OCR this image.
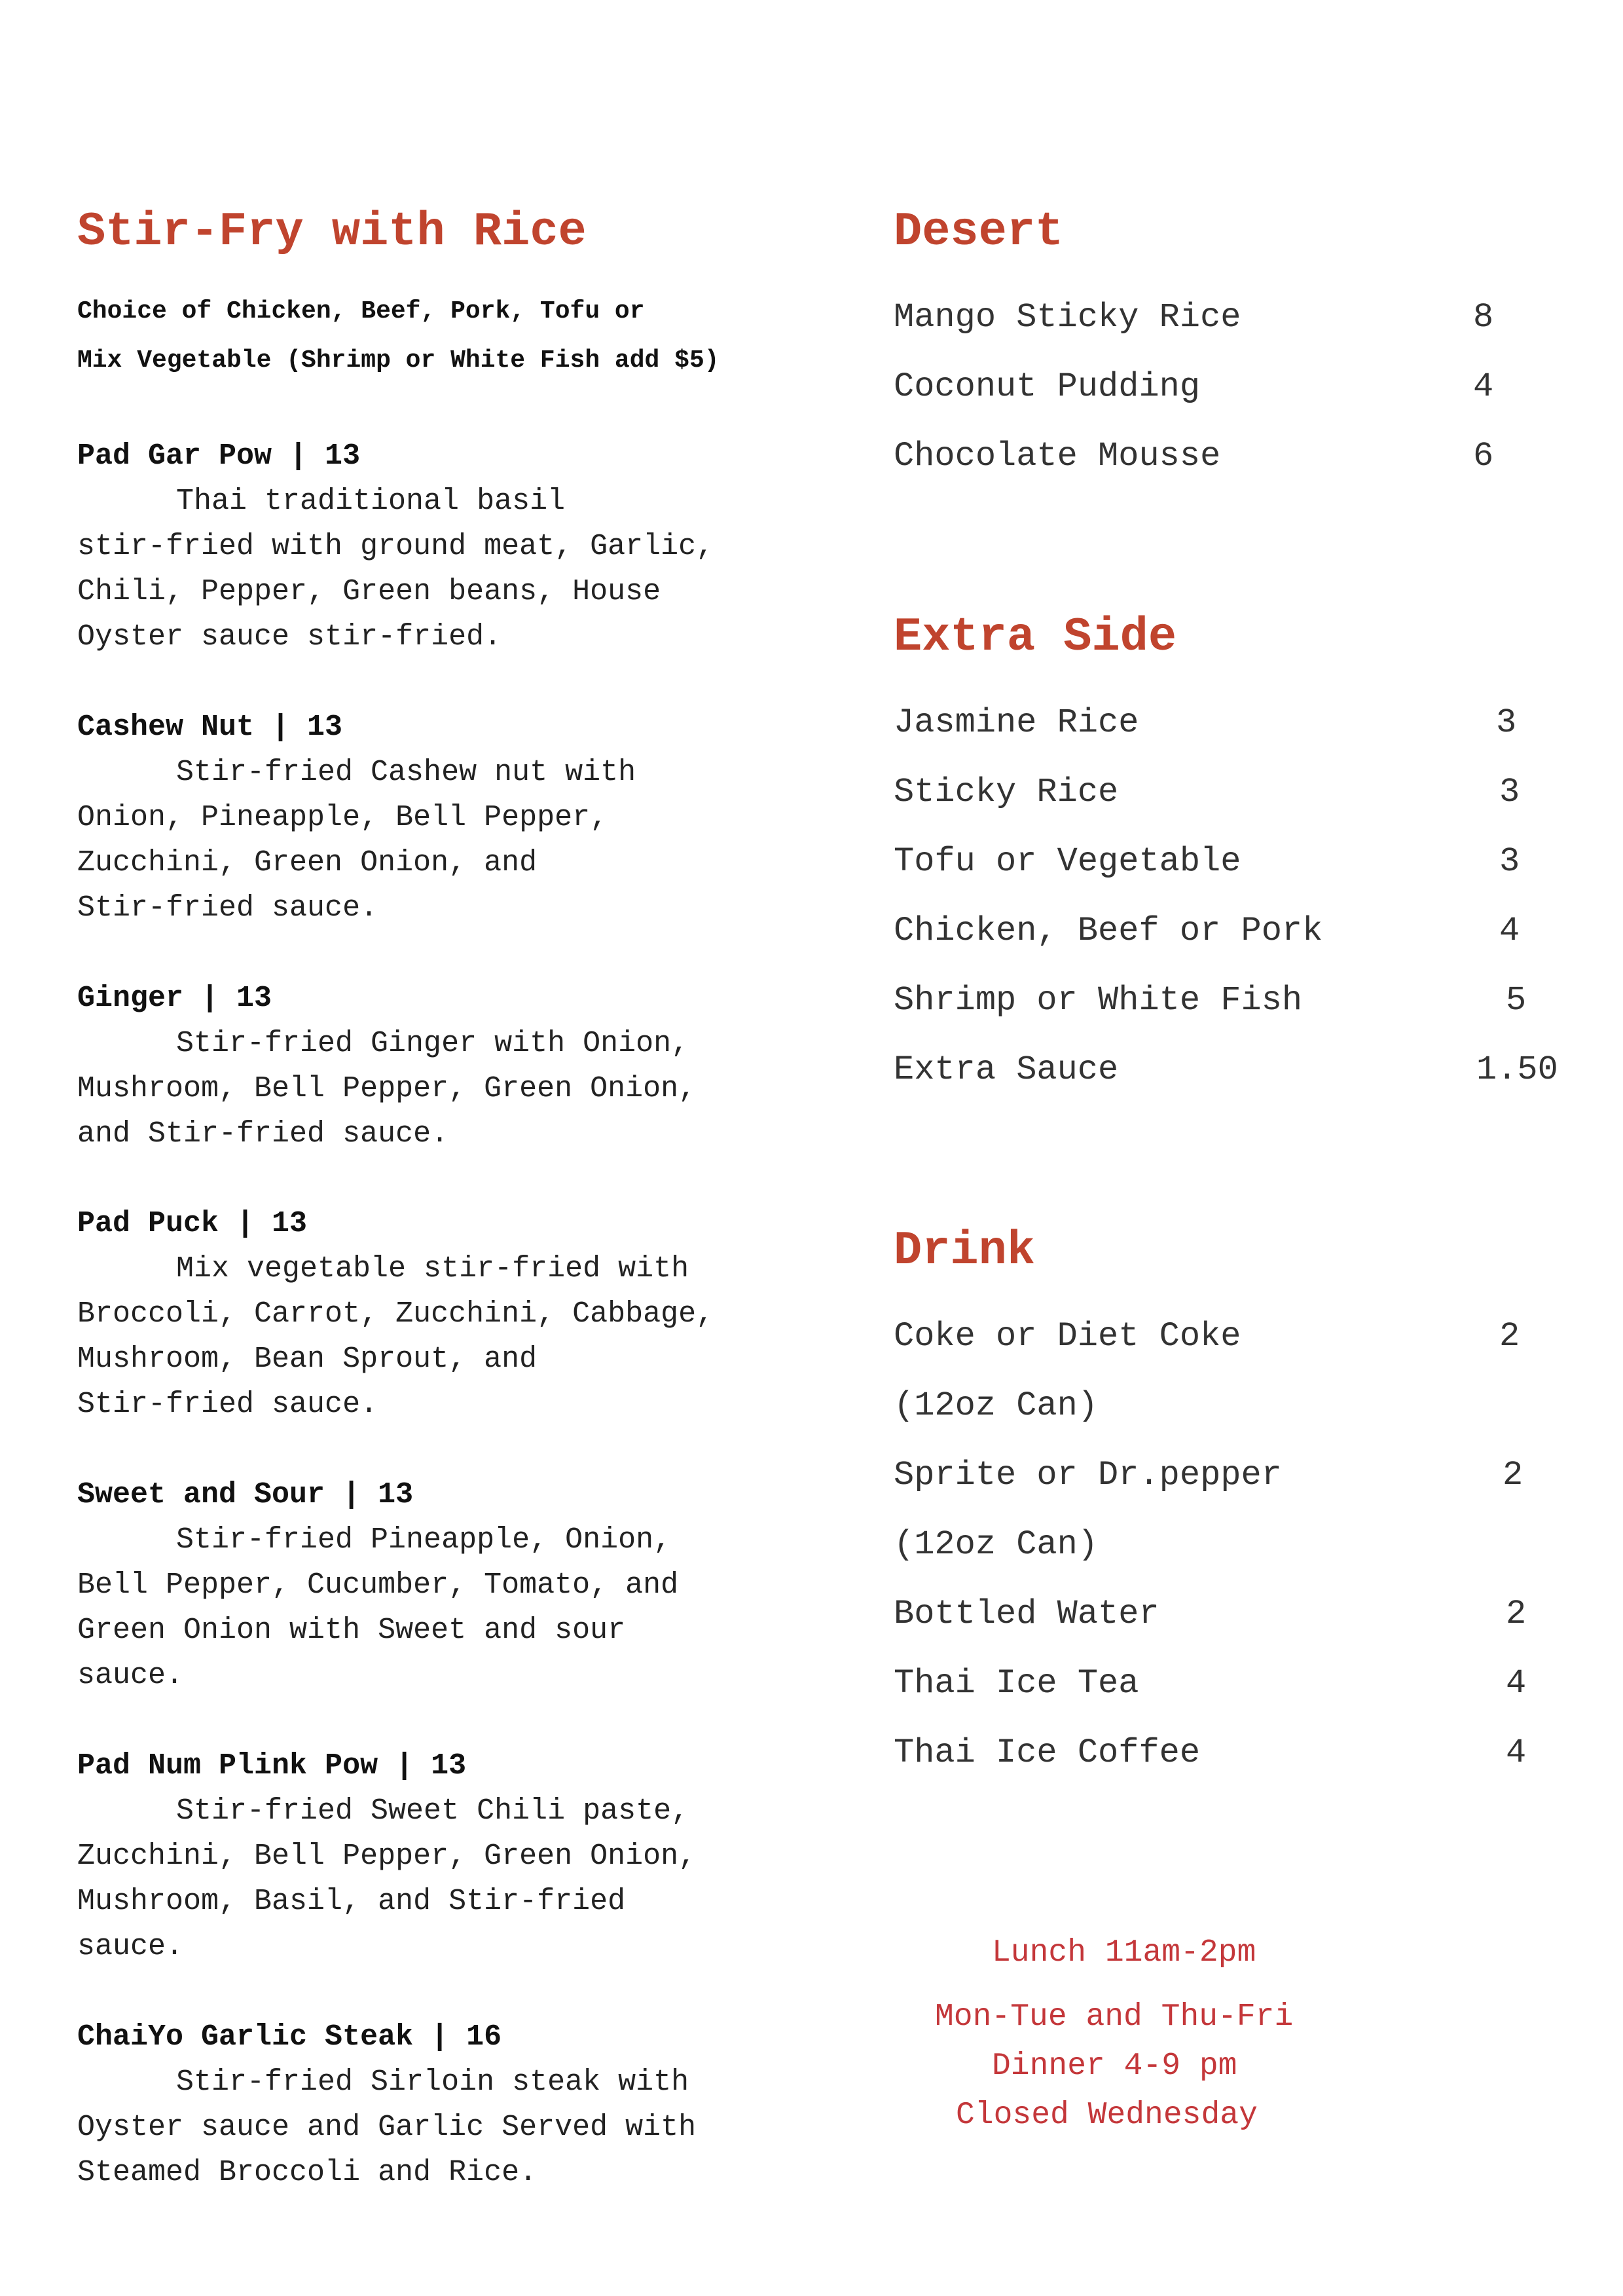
Stir-Fry with Rice
Choice of Chicken, Beef, Pork, Tofu or
Mix Vegetable (Shrimp or White Fish add $5)
Pad Gar Pow | 13
Thai traditional basil
stir-fried with ground meat, Garlic,
Chili, Pepper, Green beans, House
Oyster sauce stir-fried.
Cashew Nut | 13
Stir-fried Cashew nut with
Onion, Pineapple, Bell Pepper,
Zucchini, Green Onion, and
Stir-fried sauce.
Ginger | 13
Stir-fried Ginger with Onion,
Mushroom, Bell Pepper, Green Onion,
and Stir-fried sauce.
Pad Puck | 13
Mix vegetable stir-fried with
Broccoli, Carrot, Zucchini, Cabbage,
Mushroom, Bean Sprout, and
Stir-fried sauce.
Sweet and Sour | 13
Stir-fried Pineapple, Onion,
Bell Pepper, Cucumber, Tomato, and
Green Onion with Sweet and sour
sauce.
Pad Num Plink Pow | 13
Stir-fried Sweet Chili paste,
Zucchini, Bell Pepper, Green Onion,
Mushroom, Basil, and Stir-fried
sauce.
ChaiYo Garlic Steak | 16
Stir-fried Sirloin steak with
Oyster sauce and Garlic Served with
Steamed Broccoli and Rice.
Desert
Mango Sticky Rice	8
Coconut Pudding	4
Chocolate Mousse	6
Extra Side
Jasmine Rice	3
Sticky Rice	3
Tofu or Vegetable	3
Chicken, Beef or Pork	4
Shrimp or White Fish	5
Extra Sauce	1.50
Drink
Coke or Diet Coke	2
(12oz Can)
Sprite or Dr.pepper	2
(12oz Can)
Bottled Water	2
Thai Ice Tea	4
Thai Ice Coffee	4
Lunch 11am-2pm
Mon-Tue and Thu-Fri
Dinner 4-9 pm
Closed Wednesday
